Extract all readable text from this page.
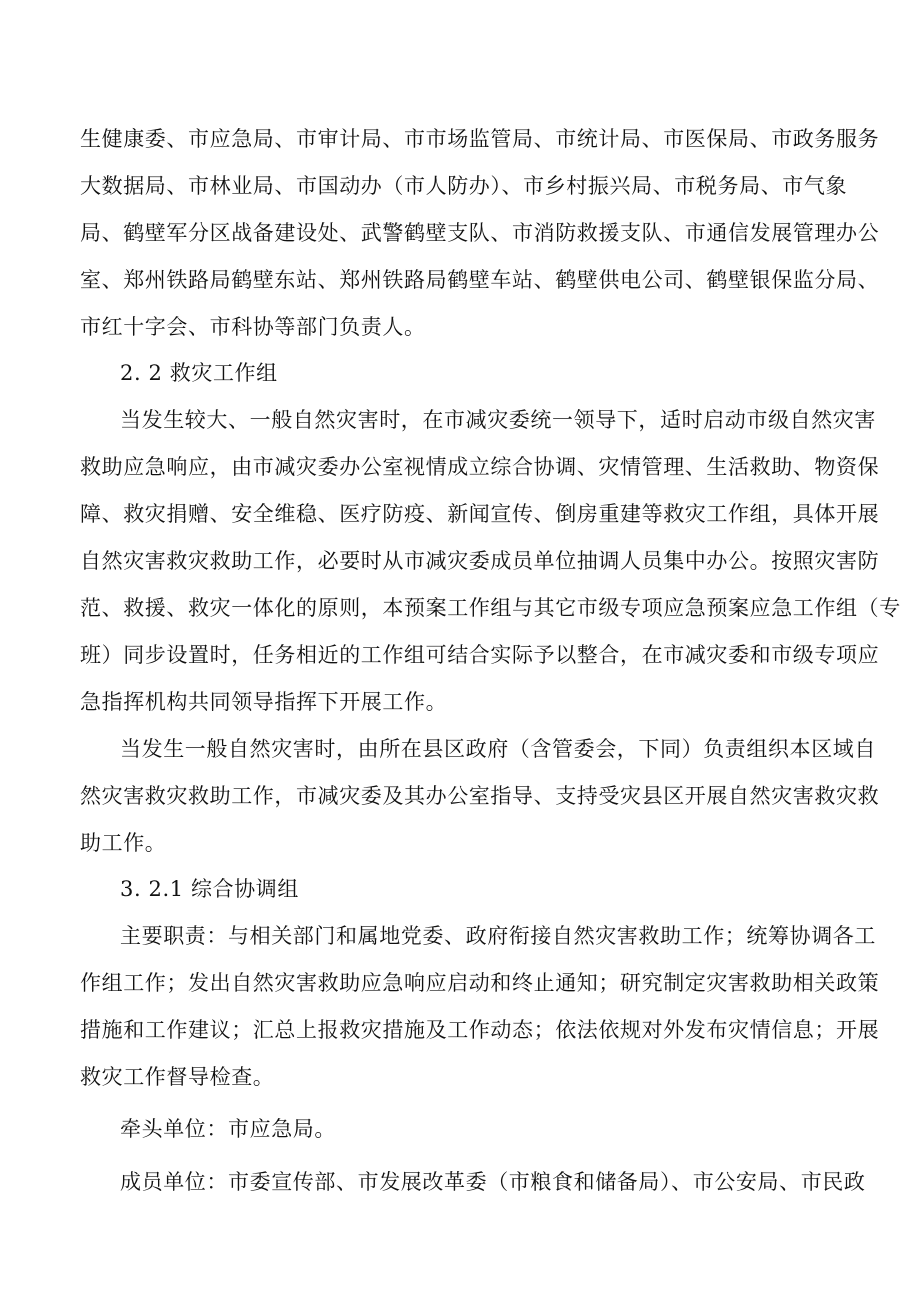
生健康委、市应急局、市审计局、市市场监管局、市统计局、市医保局、市政务服务
大数据局、市林业局、市国动办（市人防办）、市乡村振兴局、市税务局、市气象
局、鹤壁军分区战备建设处、武警鹤壁支队、市消防救援支队、市通信发展管理办公
室、郑州铁路局鹤壁东站、郑州铁路局鹤壁车站、鹤壁供电公司、鹤壁银保监分局、
市红十字会、市科协等部门负责人。
2. 2 救灾工作组
当发生较大、一般自然灾害时，在市减灾委统一领导下，适时启动市级自然灾害
救助应急响应，由市减灾委办公室视情成立综合协调、灾情管理、生活救助、物资保
障、救灾捐赠、安全维稳、医疗防疫、新闻宣传、倒房重建等救灾工作组，具体开展
自然灾害救灾救助工作，必要时从市减灾委成员单位抽调人员集中办公。按照灾害防
范、救援、救灾一体化的原则，本预案工作组与其它市级专项应急预案应急工作组（专
班）同步设置时，任务相近的工作组可结合实际予以整合，在市减灾委和市级专项应
急指挥机构共同领导指挥下开展工作。
当发生一般自然灾害时，由所在县区政府（含管委会，下同）负责组织本区域自
然灾害救灾救助工作，市减灾委及其办公室指导、支持受灾县区开展自然灾害救灾救
助工作。
3. 2.1 综合协调组
主要职责：与相关部门和属地党委、政府衔接自然灾害救助工作；统筹协调各工
作组工作；发出自然灾害救助应急响应启动和终止通知；研究制定灾害救助相关政策
措施和工作建议；汇总上报救灾措施及工作动态；依法依规对外发布灾情信息；开展
救灾工作督导检查。
牵头单位：市应急局。
成员单位：市委宣传部、市发展改革委（市粮食和储备局）、市公安局、市民政
